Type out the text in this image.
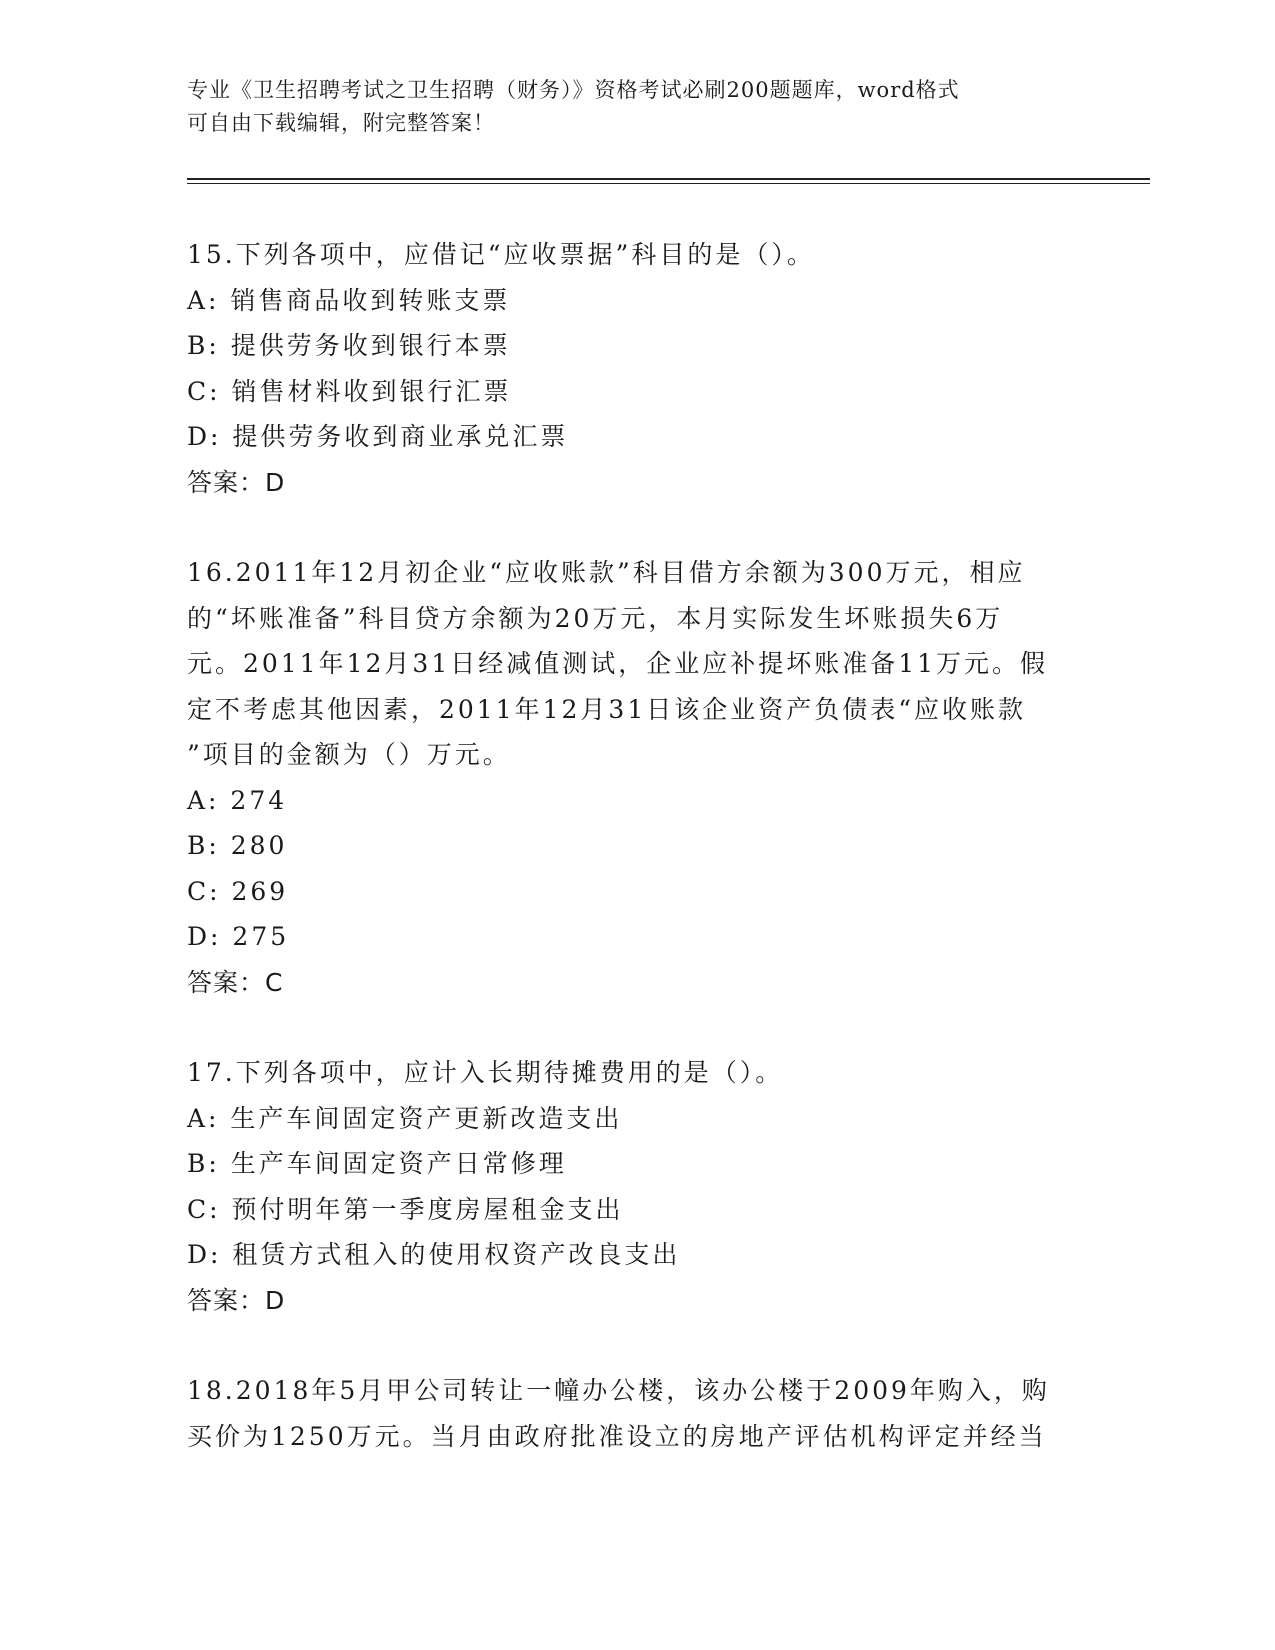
专业《卫生招聘考试之卫生招聘（财务）》资格考试必刷200题题库，word格式
可自由下载编辑，附完整答案！
15.下列各项中，应借记“应收票据”科目的是（）。
A: 销售商品收到转账支票
B: 提供劳务收到银行本票
C: 销售材料收到银行汇票
D: 提供劳务收到商业承兑汇票
答案：D
16.2011年12月初企业“应收账款”科目借方余额为300万元，相应
的“坏账准备”科目贷方余额为20万元，本月实际发生坏账损失6万
元。2011年12月31日经减值测试，企业应补提坏账准备11万元。假
定不考虑其他因素，2011年12月31日该企业资产负债表“应收账款
”项目的金额为（）万元。
A: 274
B: 280
C: 269
D: 275
答案：C
17.下列各项中，应计入长期待摊费用的是（）。
A: 生产车间固定资产更新改造支出
B: 生产车间固定资产日常修理
C: 预付明年第一季度房屋租金支出
D: 租赁方式租入的使用权资产改良支出
答案：D
18.2018年5月甲公司转让一幢办公楼，该办公楼于2009年购入，购
买价为1250万元。当月由政府批准设立的房地产评估机构评定并经当
